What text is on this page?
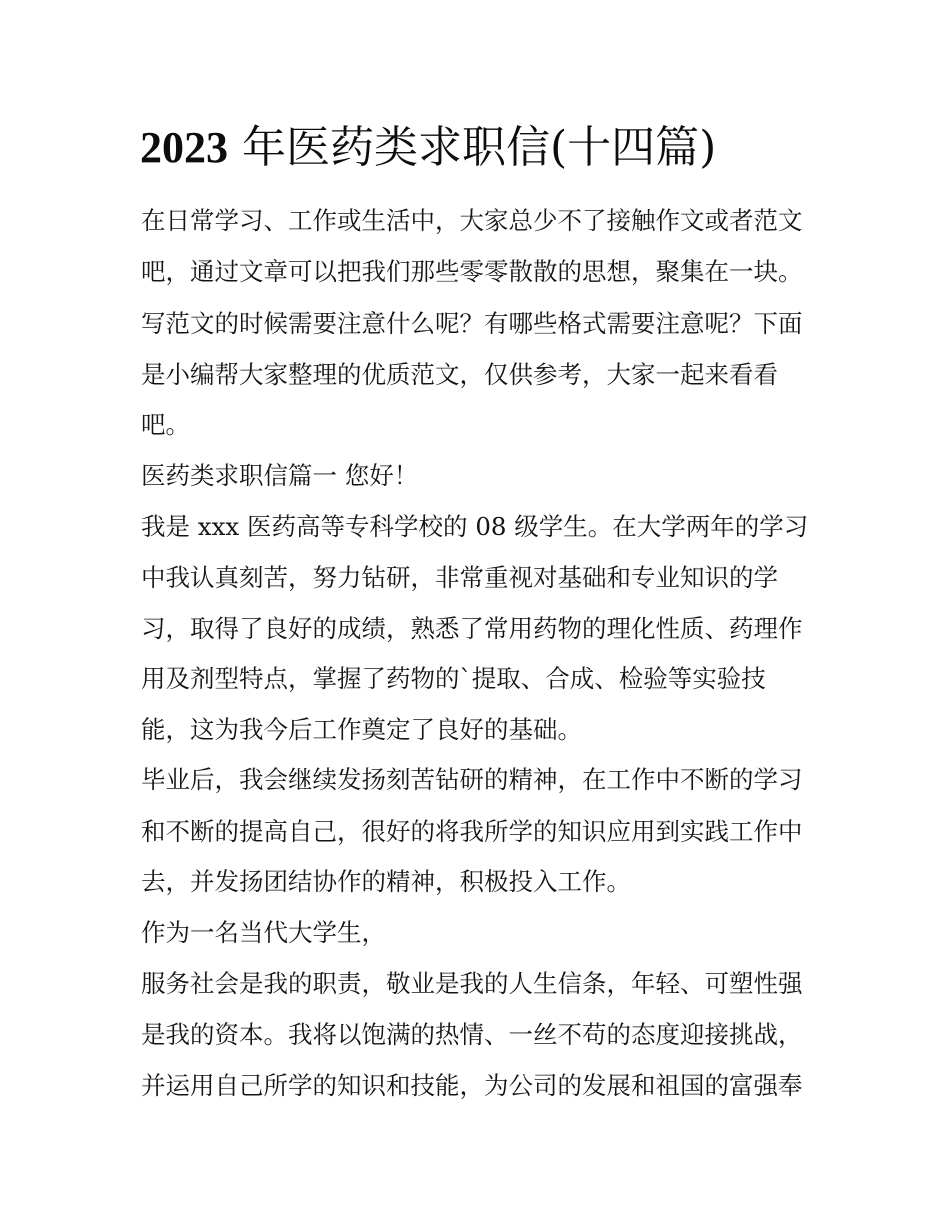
2023 年医药类求职信(十四篇)

在日常学习、工作或生活中，大家总少不了接触作文或者范文

吧，通过文章可以把我们那些零零散散的思想，聚集在一块。

写范文的时候需要注意什么呢？有哪些格式需要注意呢？下面

是小编帮大家整理的优质范文，仅供参考，大家一起来看看

吧。

医药类求职信篇一 您好！

我是 xxx 医药高等专科学校的 08 级学生。在大学两年的学习

中我认真刻苦，努力钻研，非常重视对基础和专业知识的学

习，取得了良好的成绩，熟悉了常用药物的理化性质、药理作

用及剂型特点，掌握了药物的`提取、合成、检验等实验技

能，这为我今后工作奠定了良好的基础。

毕业后，我会继续发扬刻苦钻研的精神，在工作中不断的学习

和不断的提高自己，很好的将我所学的知识应用到实践工作中

去，并发扬团结协作的精神，积极投入工作。

作为一名当代大学生，

服务社会是我的职责，敬业是我的人生信条，年轻、可塑性强

是我的资本。我将以饱满的热情、一丝不苟的态度迎接挑战，

并运用自己所学的知识和技能，为公司的发展和祖国的富强奉
